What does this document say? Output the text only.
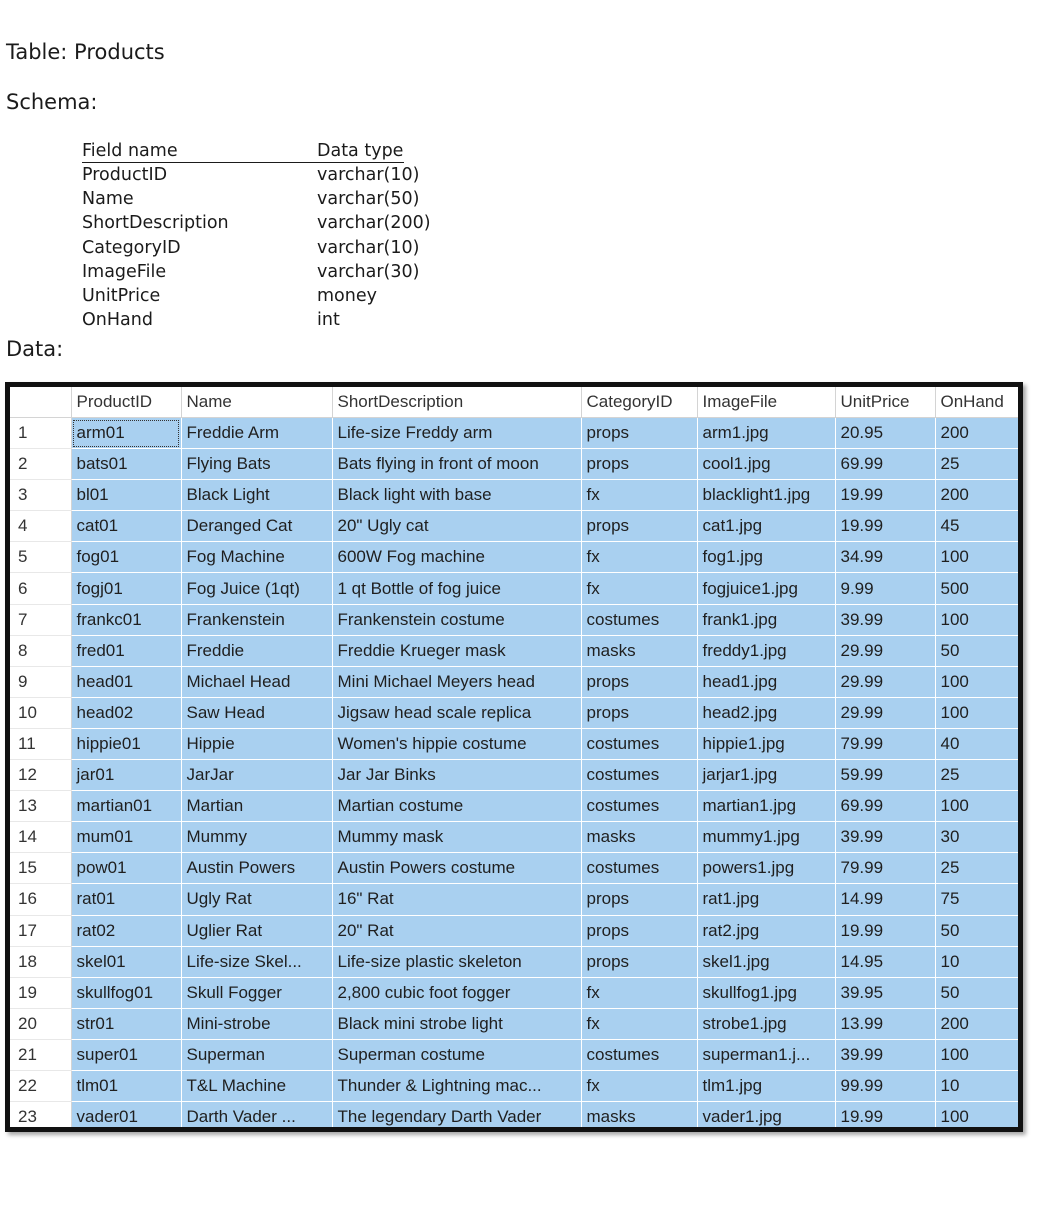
Table: Products
Schema:
Field name	Data type
ProductID	varchar(10)
Name	varchar(50)
ShortDescription	varchar(200)
CategoryID	varchar(10)
ImageFile	varchar(30)
UnitPrice	money
OnHand	int
Data:
	ProductID	Name	ShortDescription	CategoryID	ImageFile	UnitPrice	OnHand
1	arm01	Freddie Arm	Life-size Freddy arm	props	arm1.jpg	20.95	200
2	bats01	Flying Bats	Bats flying in front of moon	props	cool1.jpg	69.99	25
3	bl01	Black Light	Black light with base	fx	blacklight1.jpg	19.99	200
4	cat01	Deranged Cat	20" Ugly cat	props	cat1.jpg	19.99	45
5	fog01	Fog Machine	600W Fog machine	fx	fog1.jpg	34.99	100
6	fogj01	Fog Juice (1qt)	1 qt Bottle of fog juice	fx	fogjuice1.jpg	9.99	500
7	frankc01	Frankenstein	Frankenstein costume	costumes	frank1.jpg	39.99	100
8	fred01	Freddie	Freddie Krueger mask	masks	freddy1.jpg	29.99	50
9	head01	Michael Head	Mini Michael Meyers head	props	head1.jpg	29.99	100
10	head02	Saw Head	Jigsaw head scale replica	props	head2.jpg	29.99	100
11	hippie01	Hippie	Women's hippie costume	costumes	hippie1.jpg	79.99	40
12	jar01	JarJar	Jar Jar Binks	costumes	jarjar1.jpg	59.99	25
13	martian01	Martian	Martian costume	costumes	martian1.jpg	69.99	100
14	mum01	Mummy	Mummy mask	masks	mummy1.jpg	39.99	30
15	pow01	Austin Powers	Austin Powers costume	costumes	powers1.jpg	79.99	25
16	rat01	Ugly Rat	16" Rat	props	rat1.jpg	14.99	75
17	rat02	Uglier Rat	20" Rat	props	rat2.jpg	19.99	50
18	skel01	Life-size Skel...	Life-size plastic skeleton	props	skel1.jpg	14.95	10
19	skullfog01	Skull Fogger	2,800 cubic foot fogger	fx	skullfog1.jpg	39.95	50
20	str01	Mini-strobe	Black mini strobe light	fx	strobe1.jpg	13.99	200
21	super01	Superman	Superman costume	costumes	superman1.j...	39.99	100
22	tlm01	T&L Machine	Thunder & Lightning mac...	fx	tlm1.jpg	99.99	10
23	vader01	Darth Vader ...	The legendary Darth Vader	masks	vader1.jpg	19.99	100
